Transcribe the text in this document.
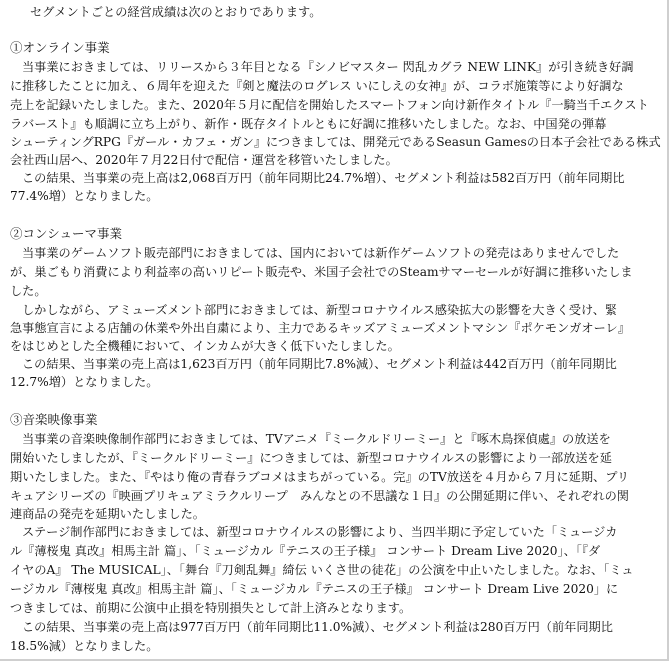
セグメントごとの経営成績は次のとおりであります。
①オンライン事業
当事業におきましては、リリースから３年目となる『シノビマスター 閃乱カグラ NEW LINK』が引き続き好調
に推移したことに加え、６周年を迎えた『剣と魔法のログレス いにしえの女神』が、コラボ施策等により好調な
売上を記録いたしました。また、2020年５月に配信を開始したスマートフォン向け新作タイトル『一騎当千エクスト
ラバースト』も順調に立ち上がり、新作・既存タイトルともに好調に推移いたしました。なお、中国発の弾幕
シューティングRPG『ガール・カフェ・ガン』につきましては、開発元であるSeasun Gamesの日本子会社である株式
会社西山居へ、2020年７月22日付で配信・運営を移管いたしました。
この結果、当事業の売上高は2,068百万円（前年同期比24.7%増）、セグメント利益は582百万円（前年同期比
77.4%増）となりました。
②コンシューマ事業
当事業のゲームソフト販売部門におきましては、国内においては新作ゲームソフトの発売はありませんでした
が、巣ごもり消費により利益率の高いリピート販売や、米国子会社でのSteamサマーセールが好調に推移いたしま
した。
しかしながら、アミューズメント部門におきましては、新型コロナウイルス感染拡大の影響を大きく受け、緊
急事態宣言による店舗の休業や外出自粛により、主力であるキッズアミューズメントマシン『ポケモンガオーレ』
をはじめとした全機種において、インカムが大きく低下いたしました。
この結果、当事業の売上高は1,623百万円（前年同期比7.8%減）、セグメント利益は442百万円（前年同期比
12.7%増）となりました。
③音楽映像事業
当事業の音楽映像制作部門におきましては、TVアニメ『ミークルドリーミー』と『啄木鳥探偵處』の放送を
開始いたしましたが、『ミークルドリーミー』につきましては、新型コロナウイルスの影響により一部放送を延
期いたしました。また、『やはり俺の青春ラブコメはまちがっている。完』のTV放送を４月から７月に延期、プリ
キュアシリーズの『映画プリキュアミラクルリープ　みんなとの不思議な１日』の公開延期に伴い、それぞれの関
連商品の発売を延期いたしました。
ステージ制作部門におきましては、新型コロナウイルスの影響により、当四半期に予定していた「ミュージカ
ル『薄桜鬼 真改』相馬主計 篇」、「ミュージカル『テニスの王子様』 コンサート Dream Live 2020」、「『ダ
イヤのA』 The MUSICAL」、「舞台『刀剣乱舞』綺伝 いくさ世の徒花」の公演を中止いたしました。なお、「ミュ
ージカル『薄桜鬼 真改』相馬主計 篇」、「ミュージカル『テニスの王子様』 コンサート Dream Live 2020」に
つきましては、前期に公演中止損を特別損失として計上済みとなります。
この結果、当事業の売上高は977百万円（前年同期比11.0%減）、セグメント利益は280百万円（前年同期比
18.5%減）となりました。
